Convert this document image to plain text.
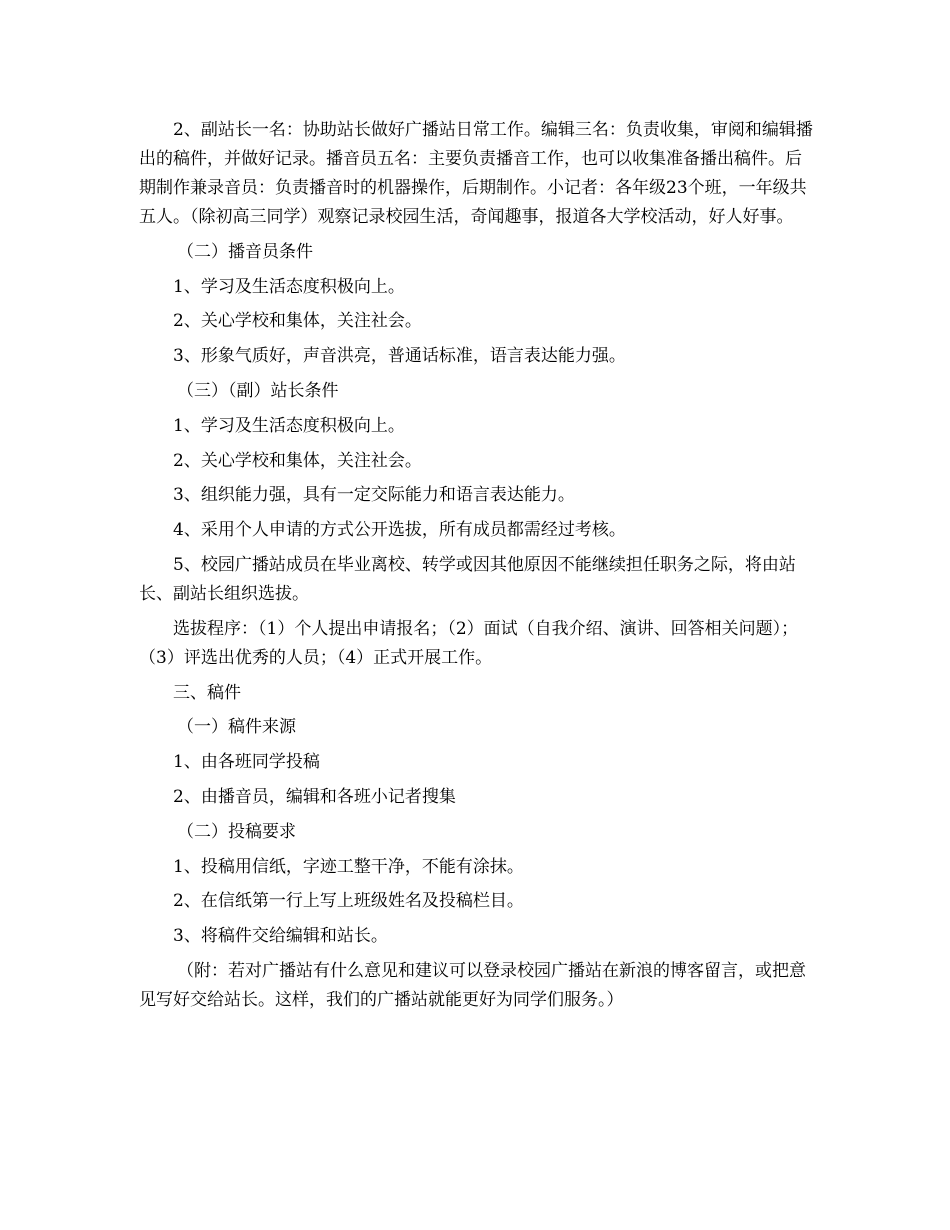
2、副站长一名：协助站长做好广播站日常工作。编辑三名：负责收集，审阅和编辑播出的稿件，并做好记录。播音员五名：主要负责播音工作，也可以收集准备播出稿件。后期制作兼录音员：负责播音时的机器操作，后期制作。小记者：各年级23个班，一年级共五人。（除初高三同学）观察记录校园生活，奇闻趣事，报道各大学校活动，好人好事。

（二）播音员条件

1、学习及生活态度积极向上。

2、关心学校和集体，关注社会。

3、形象气质好，声音洪亮，普通话标准，语言表达能力强。

（三）（副）站长条件

1、学习及生活态度积极向上。

2、关心学校和集体，关注社会。

3、组织能力强，具有一定交际能力和语言表达能力。

4、采用个人申请的方式公开选拔，所有成员都需经过考核。

5、校园广播站成员在毕业离校、转学或因其他原因不能继续担任职务之际，将由站长、副站长组织选拔。

选拔程序：（1）个人提出申请报名；（2）面试（自我介绍、演讲、回答相关问题）；（3）评选出优秀的人员；（4）正式开展工作。

三、稿件

（一）稿件来源

1、由各班同学投稿

2、由播音员，编辑和各班小记者搜集

（二）投稿要求

1、投稿用信纸，字迹工整干净，不能有涂抹。

2、在信纸第一行上写上班级姓名及投稿栏目。

3、将稿件交给编辑和站长。

（附：若对广播站有什么意见和建议可以登录校园广播站在新浪的博客留言，或把意见写好交给站长。这样，我们的广播站就能更好为同学们服务。）
